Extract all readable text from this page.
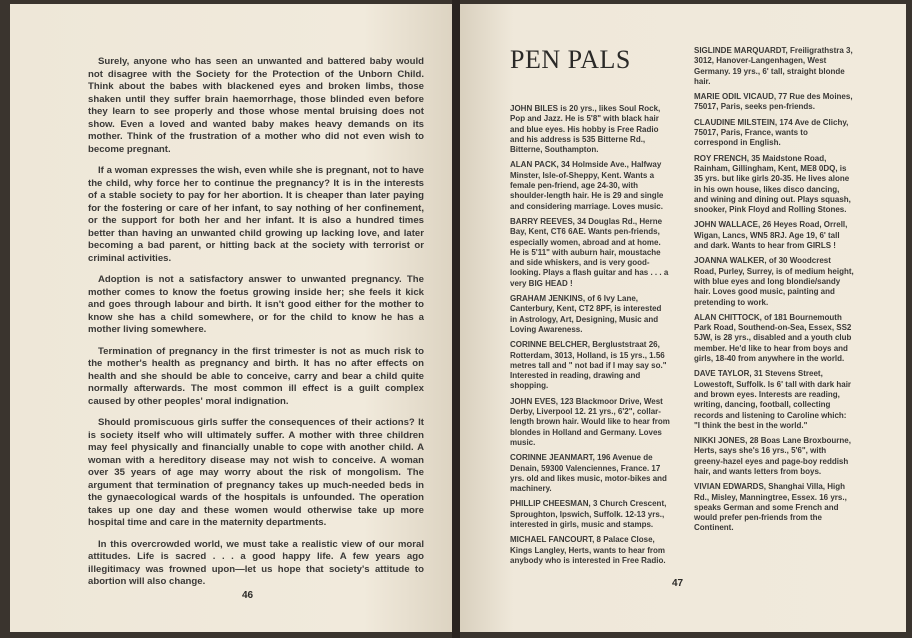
Surely, anyone who has seen an unwanted and battered baby would not disagree with the Society for the Protection of the Unborn Child. Think about the babes with blackened eyes and broken limbs, those shaken until they suffer brain haemorrhage, those blinded even before they learn to see properly and those whose mental bruising does not show. Even a loved and wanted baby makes heavy demands on its mother. Think of the frustration of a mother who did not even wish to become pregnant.

If a woman expresses the wish, even while she is pregnant, not to have the child, why force her to continue the pregnancy? It is in the interests of a stable society to pay for her abortion. It is cheaper than later paying for the fostering or care of her infant, to say nothing of her confinement, or the support for both her and her infant. It is also a hundred times better than having an unwanted child growing up lacking love, and later becoming a bad parent, or hitting back at the society with terrorist or criminal activities.

Adoption is not a satisfactory answer to unwanted pregnancy. The mother comes to know the foetus growing inside her; she feels it kick and goes through labour and birth. It isn't good either for the mother to know she has a child somewhere, or for the child to know he has a mother living somewhere.

Termination of pregnancy in the first trimester is not as much risk to the mother's health as pregnancy and birth. It has no after effects on health and she should be able to conceive, carry and bear a child quite normally afterwards. The most common ill effect is a guilt complex caused by other peoples' moral indignation.

Should promiscuous girls suffer the consequences of their actions? It is society itself who will ultimately suffer. A mother with three children may feel physically and financially unable to cope with another child. A woman with a hereditory disease may not wish to conceive. A woman over 35 years of age may worry about the risk of mongolism. The argument that termination of pregnancy takes up much-needed beds in the gynaecological wards of the hospitals is unfounded. The operation takes up one day and these women would otherwise take up more hospital time and care in the maternity departments.

In this overcrowded world, we must take a realistic view of our moral attitudes. Life is sacred . . . a good happy life. A few years ago illegitimacy was frowned upon—let us hope that society's attitude to abortion will also change.

46
PEN PALS

JOHN BILES is 20 yrs., likes Soul Rock, Pop and Jazz. He is 5'8" with black hair and blue eyes. His hobby is Free Radio and his address is 535 Bitterne Rd., Bitterne, Southampton.

ALAN PACK, 34 Holmside Ave., Halfway Minster, Isle-of-Sheppy, Kent. Wants a female pen-friend, age 24-30, with shoulder-length hair. He is 29 and single and considering marriage. Loves music.

BARRY REEVES, 34 Douglas Rd., Herne Bay, Kent, CT6 6AE. Wants pen-friends, especially women, abroad and at home. He is 5'11" with auburn hair, moustache and side whiskers, and is very good-looking. Plays a flash guitar and has . . . a very BIG HEAD !

GRAHAM JENKINS, of 6 Ivy Lane, Canterbury, Kent, CT2 8PF, is interested in Astrology, Art, Designing, Music and Loving Awareness.

CORINNE BELCHER, Bergluststraat 26, Rotterdam, 3013, Holland, is 15 yrs., 1.56 metres tall and " not bad if I may say so." Interested in reading, drawing and shopping.

JOHN EVES, 123 Blackmoor Drive, West Derby, Liverpool 12. 21 yrs., 6'2", collar-length brown hair. Would like to hear from blondes in Holland and Germany. Loves music.

CORINNE JEANMART, 196 Avenue de Denain, 59300 Valenciennes, France. 17 yrs. old and likes music, motor-bikes and machinery.

PHILLIP CHEESMAN, 3 Church Crescent, Sproughton, Ipswich, Suffolk. 12-13 yrs., interested in girls, music and stamps.

MICHAEL FANCOURT, 8 Palace Close, Kings Langley, Herts, wants to hear from anybody who is interested in Free Radio.

SIGLINDE MARQUARDT, Freiligrathstra 3, 3012, Hanover-Langenhagen, West Germany. 19 yrs., 6' tall, straight blonde hair.

MARIE ODIL VICAUD, 77 Rue des Moines, 75017, Paris, seeks pen-friends.

CLAUDINE MILSTEIN, 174 Ave de Clichy, 75017, Paris, France, wants to correspond in English.

ROY FRENCH, 35 Maidstone Road, Rainham, Gillingham, Kent, ME8 0DQ, is 35 yrs. but like girls 20-35. He lives alone in his own house, likes disco dancing, and wining and dining out. Plays squash, snooker, Pink Floyd and Rolling Stones.

JOHN WALLACE, 26 Heyes Road, Orrell, Wigan, Lancs, WN5 8RJ. Age 19, 6' tall and dark. Wants to hear from GIRLS !

JOANNA WALKER, of 30 Woodcrest Road, Purley, Surrey, is of medium height, with blue eyes and long blondie/sandy hair. Loves good music, painting and pretending to work.

ALAN CHITTOCK, of 181 Bournemouth Park Road, Southend-on-Sea, Essex, SS2 5JW, is 28 yrs., disabled and a youth club member. He'd like to hear from boys and girls, 18-40 from anywhere in the world.

DAVE TAYLOR, 31 Stevens Street, Lowestoft, Suffolk. Is 6' tall with dark hair and brown eyes. Interests are reading, writing, dancing, football, collecting records and listening to Caroline which: "I think the best in the world."

NIKKI JONES, 28 Boas Lane Broxbourne, Herts, says she's 16 yrs., 5'6", with greeny-hazel eyes and page-boy reddish hair, and wants letters from boys.

VIVIAN EDWARDS, Shanghai Villa, High Rd., Misley, Manningtree, Essex. 16 yrs., speaks German and some French and would prefer pen-friends from the Continent.

47
